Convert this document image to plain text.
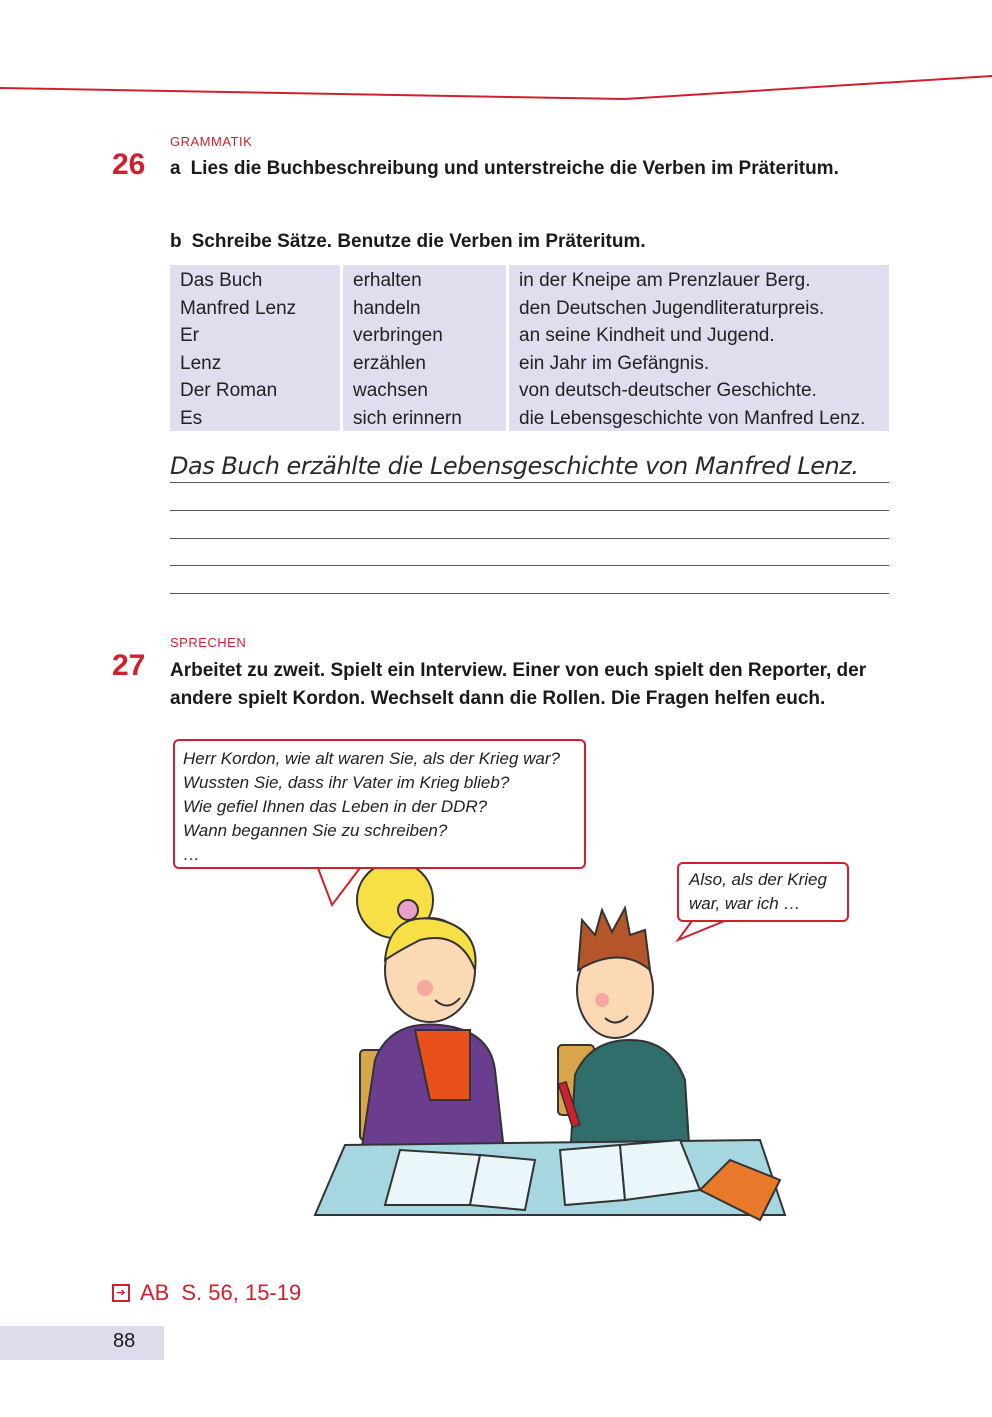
GRAMMATIK
26 a Lies die Buchbeschreibung und unterstreiche die Verben im Präteritum.
b Schreibe Sätze. Benutze die Verben im Präteritum.
Das Buch
Manfred Lenz
Er
Lenz
Der Roman
Es
erhalten
handeln
verbringen
erzählen
wachsen
sich erinnern
in der Kneipe am Prenzlauer Berg.
den Deutschen Jugendliteraturpreis.
an seine Kindheit und Jugend.
ein Jahr im Gefängnis.
von deutsch-deutscher Geschichte.
die Lebensgeschichte von Manfred Lenz.
Das Buch erzählte die Lebensgeschichte von Manfred Lenz.
SPRECHEN
27 Arbeitet zu zweit. Spielt ein Interview. Einer von euch spielt den Reporter, der
andere spielt Kordon. Wechselt dann die Rollen. Die Fragen helfen euch.
Herr Kordon, wie alt waren Sie, als der Krieg war?
Wussten Sie, dass ihr Vater im Krieg blieb?
Wie gefiel Ihnen das Leben in der DDR?
Wann begannen Sie zu schreiben?
…
Also, als der Krieg
war, war ich …
➔ AB S. 56, 15-19
88
